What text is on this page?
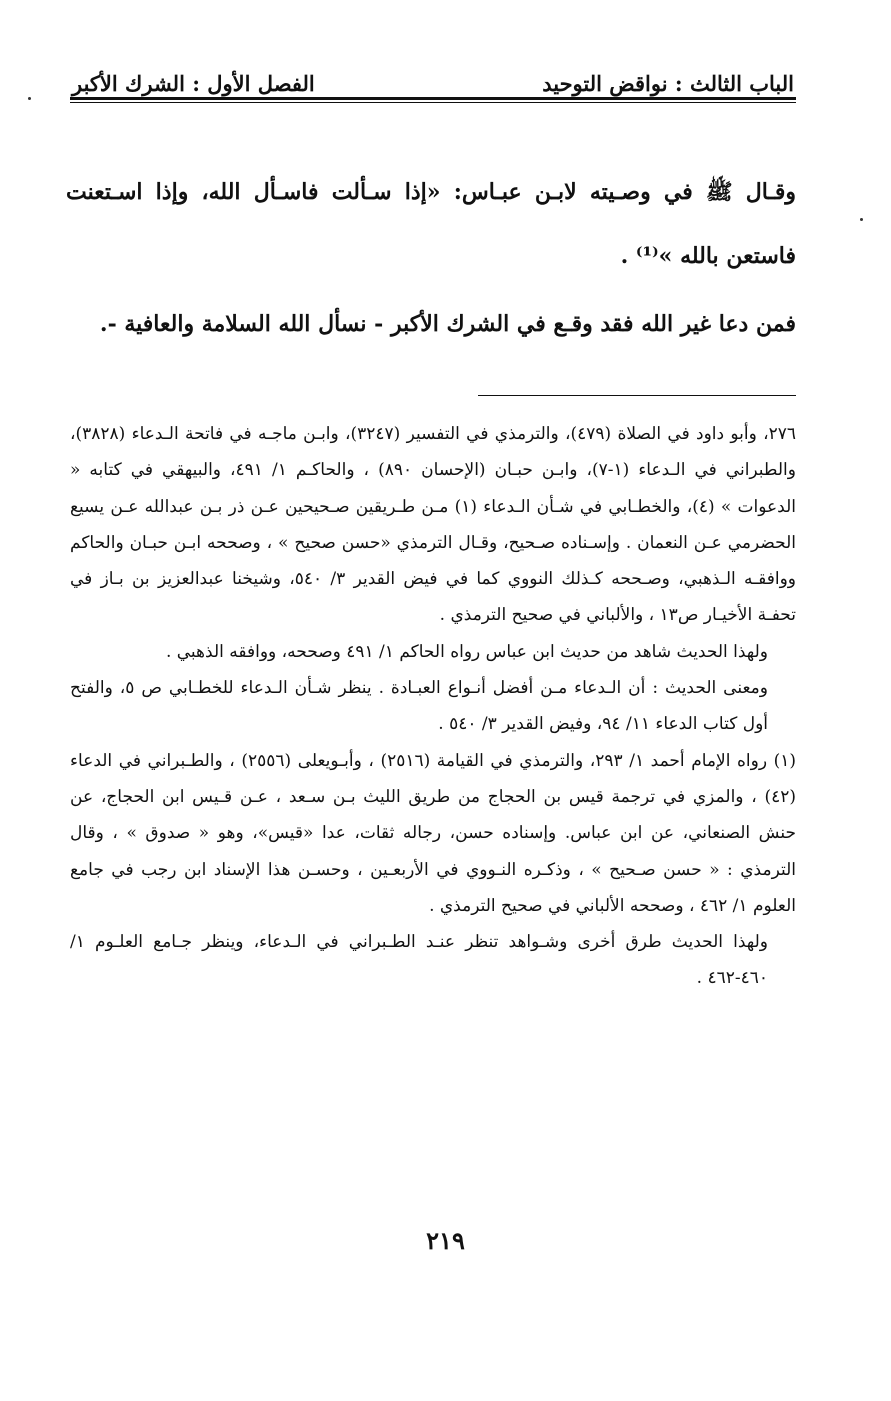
الباب الثالث : نواقض التوحيد
الفصل الأول : الشرك الأكبر

وقـال ﷺ في وصـيته لابـن عبـاس: «إذا سـألت فاسـأل الله، وإذا اسـتعنت فاستعن بالله »⁽¹⁾ .

فمن دعا غير الله فقد وقـع في الشرك الأكبر - نسأل الله السلامة والعافية -.

٢٧٦، وأبو داود في الصلاة (٤٧٩)، والترمذي في التفسير (٣٢٤٧)، وابـن ماجـه في فاتحة الـدعاء (٣٨٢٨)، والطبراني في الـدعاء (١-٧)، وابـن حبـان (الإحسان ٨٩٠) ، والحاكـم ١/ ٤٩١، والبيهقي في كتابه « الدعوات » (٤)، والخطـابي في شـأن الـدعاء (١) مـن طـريقين صـحيحين عـن ذر بـن عبدالله عـن يسيع الحضرمي عـن النعمان . وإسـناده صـحيح، وقـال الترمذي «حسن صحيح » ، وصححه ابـن حبـان والحاكم ووافقـه الـذهبي، وصـححه كـذلك النووي كما في فيض القدير ٣/ ٥٤٠، وشيخنا عبدالعزيز بن بـاز في تحفـة الأخيـار ص١٣ ، والألباني في صحيح الترمذي .

ولهذا الحديث شاهد من حديث ابن عباس رواه الحاكم ١/ ٤٩١ وصححه، ووافقه الذهبي .

ومعنى الحديث : أن الـدعاء مـن أفضل أنـواع العبـادة . ينظر شـأن الـدعاء للخطـابي ص ٥، والفتح أول كتاب الدعاء ١١/ ٩٤، وفيض القدير ٣/ ٥٤٠ .

(١) رواه الإمام أحمد ١/ ٢٩٣، والترمذي في القيامة (٢٥١٦) ، وأبـويعلى (٢٥٥٦) ، والطـبراني في الدعاء (٤٢) ، والمزي في ترجمة قيس بن الحجاج من طريق الليث بـن سـعد ، عـن قـيس ابن الحجاج، عن حنش الصنعاني، عن ابن عباس. وإسناده حسن، رجاله ثقات، عدا «قيس»، وهو « صدوق » ، وقال الترمذي : « حسن صـحيح » ، وذكـره النـووي في الأربعـين ، وحسـن هذا الإسناد ابن رجب في جامع العلوم ١/ ٤٦٢ ، وصححه الألباني في صحيح الترمذي .

ولهذا الحديث طرق أخرى وشـواهد تنظر عنـد الطـبراني في الـدعاء، وينظر جـامع العلـوم ١/ ٤٦٠-٤٦٢ .

٢١٩
